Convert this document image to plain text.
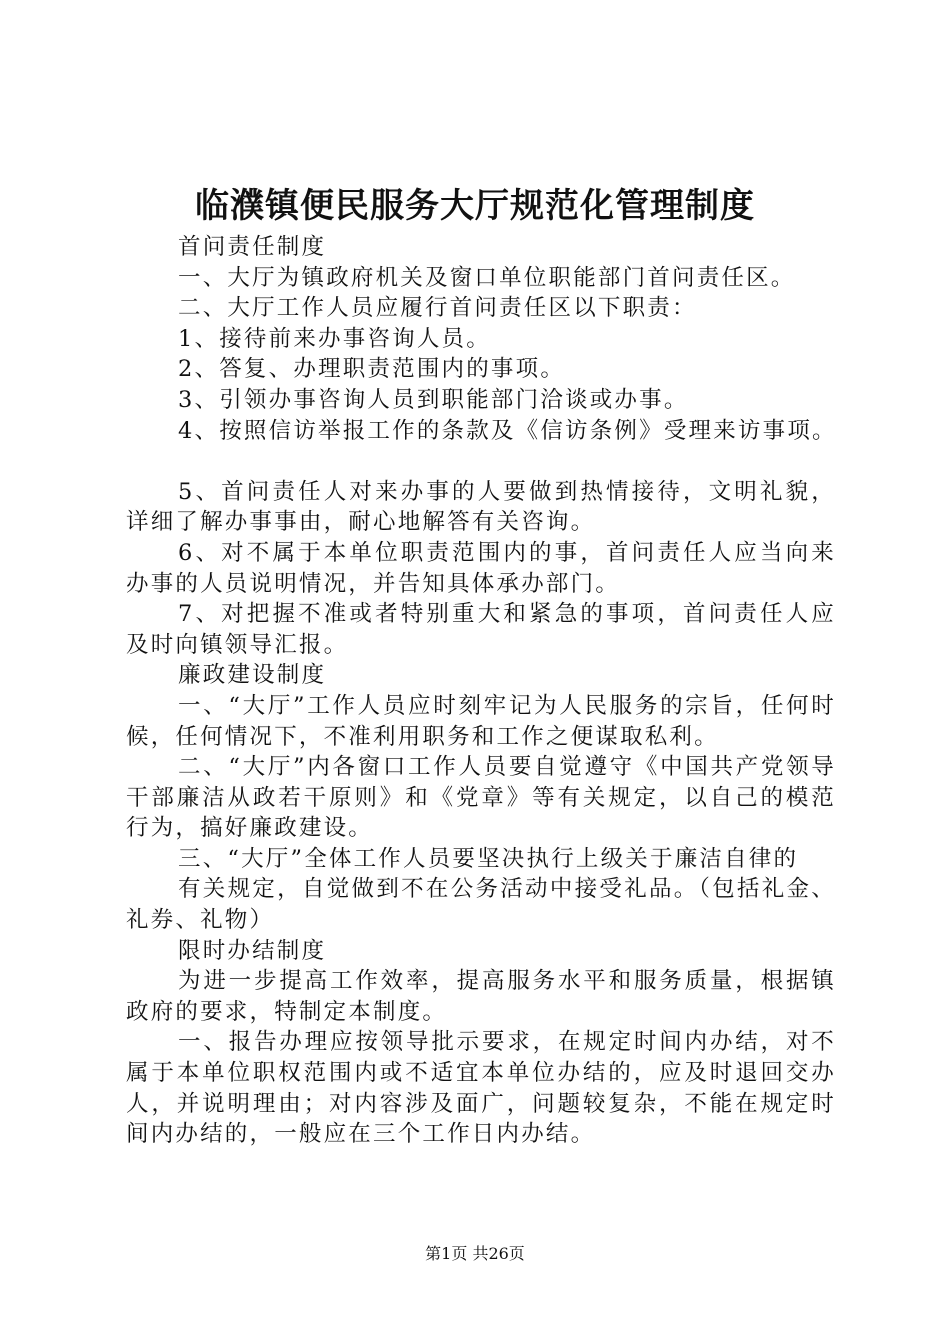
临濮镇便民服务大厅规范化管理制度

首问责任制度

一、大厅为镇政府机关及窗口单位职能部门首问责任区。

二、大厅工作人员应履行首问责任区以下职责：

1、接待前来办事咨询人员。

2、答复、办理职责范围内的事项。

3、引领办事咨询人员到职能部门洽谈或办事。

4、按照信访举报工作的条款及《信访条例》受理来访事项。

5、首问责任人对来办事的人要做到热情接待，文明礼貌，详细了解办事事由，耐心地解答有关咨询。

6、对不属于本单位职责范围内的事，首问责任人应当向来办事的人员说明情况，并告知具体承办部门。

7、对把握不准或者特别重大和紧急的事项，首问责任人应及时向镇领导汇报。

廉政建设制度

一、“大厅”工作人员应时刻牢记为人民服务的宗旨，任何时候，任何情况下，不准利用职务和工作之便谋取私利。

二、“大厅”内各窗口工作人员要自觉遵守《中国共产党领导干部廉洁从政若干原则》和《党章》等有关规定，以自己的模范行为，搞好廉政建设。

三、“大厅”全体工作人员要坚决执行上级关于廉洁自律的

有关规定，自觉做到不在公务活动中接受礼品。（包括礼金、礼券、礼物）

限时办结制度

为进一步提高工作效率，提高服务水平和服务质量，根据镇政府的要求，特制定本制度。

一、报告办理应按领导批示要求，在规定时间内办结，对不属于本单位职权范围内或不适宜本单位办结的，应及时退回交办人，并说明理由；对内容涉及面广，问题较复杂，不能在规定时间内办结的，一般应在三个工作日内办结。

第1页 共26页
